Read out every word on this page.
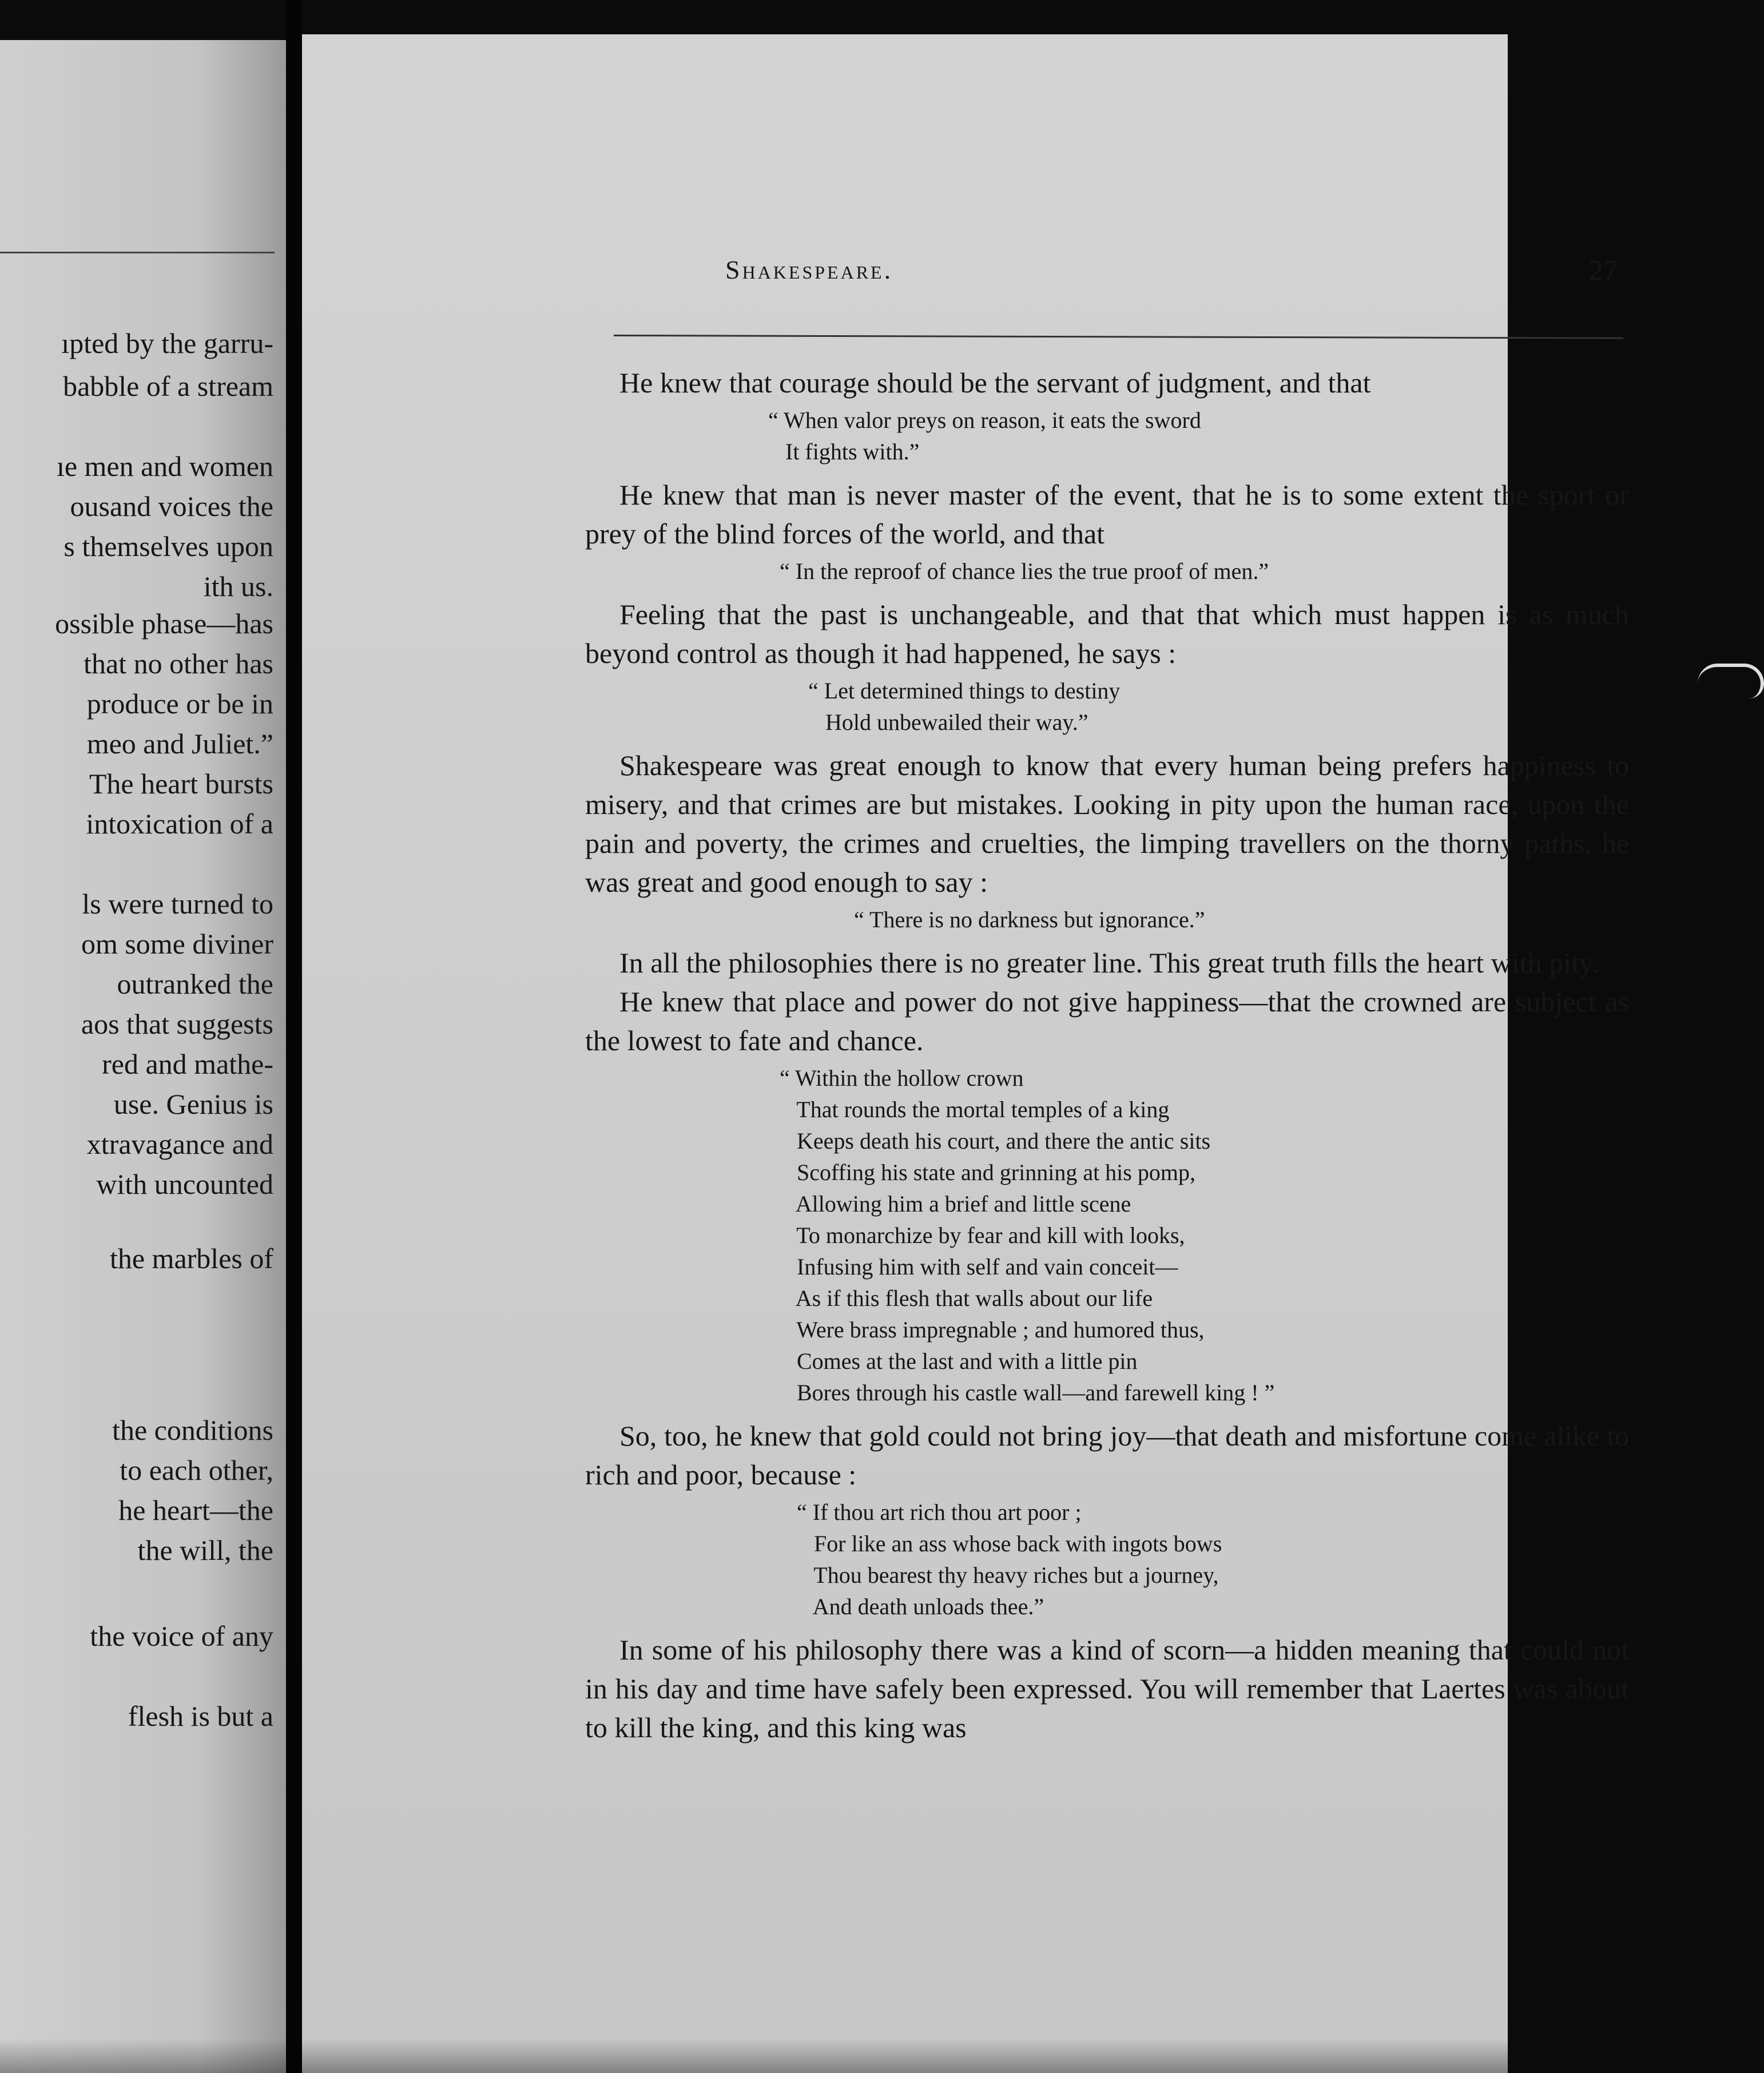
ıpted by the garru-
babble of a stream
ıe men and women
ousand voices the
s themselves upon
ith us.
ossible phase—has
that no other has
produce or be in
meo and Juliet.”
The heart bursts
intoxication of a
ls were turned to
om some diviner
outranked the
aos that suggests
red and mathe-
use. Genius is
xtravagance and
with uncounted
the marbles of
the conditions
to each other,
he heart—the
the will, the
the voice of any
flesh is but a
Shakespeare.	27

He knew that courage should be the servant of judgment, and that

“ When valor preys on reason, it eats the sword
It fights with.”

He knew that man is never master of the event, that he is to some extent the sport or prey of the blind forces of the world, and that

“ In the reproof of chance lies the true proof of men.”

Feeling that the past is unchangeable, and that that which must happen is as much beyond control as though it had happened, he says :

“ Let determined things to destiny
Hold unbewailed their way.”

Shakespeare was great enough to know that every human being prefers happiness to misery, and that crimes are but mistakes. Looking in pity upon the human race, upon the pain and poverty, the crimes and cruelties, the limping travellers on the thorny paths, he was great and good enough to say :

“ There is no darkness but ignorance.”

In all the philosophies there is no greater line. This great truth fills the heart with pity.

He knew that place and power do not give happiness—that the crowned are subject as the lowest to fate and chance.

“ Within the hollow crown
That rounds the mortal temples of a king
Keeps death his court, and there the antic sits
Scoffing his state and grinning at his pomp,
Allowing him a brief and little scene
To monarchize by fear and kill with looks,
Infusing him with self and vain conceit—
As if this flesh that walls about our life
Were brass impregnable ; and humored thus,
Comes at the last and with a little pin
Bores through his castle wall—and farewell king ! ”

So, too, he knew that gold could not bring joy—that death and misfortune come alike to rich and poor, because :

“ If thou art rich thou art poor ;
For like an ass whose back with ingots bows
Thou bearest thy heavy riches but a journey,
And death unloads thee.”

In some of his philosophy there was a kind of scorn—a hidden meaning that could not in his day and time have safely been expressed. You will remember that Laertes was about to kill the king, and this king was
